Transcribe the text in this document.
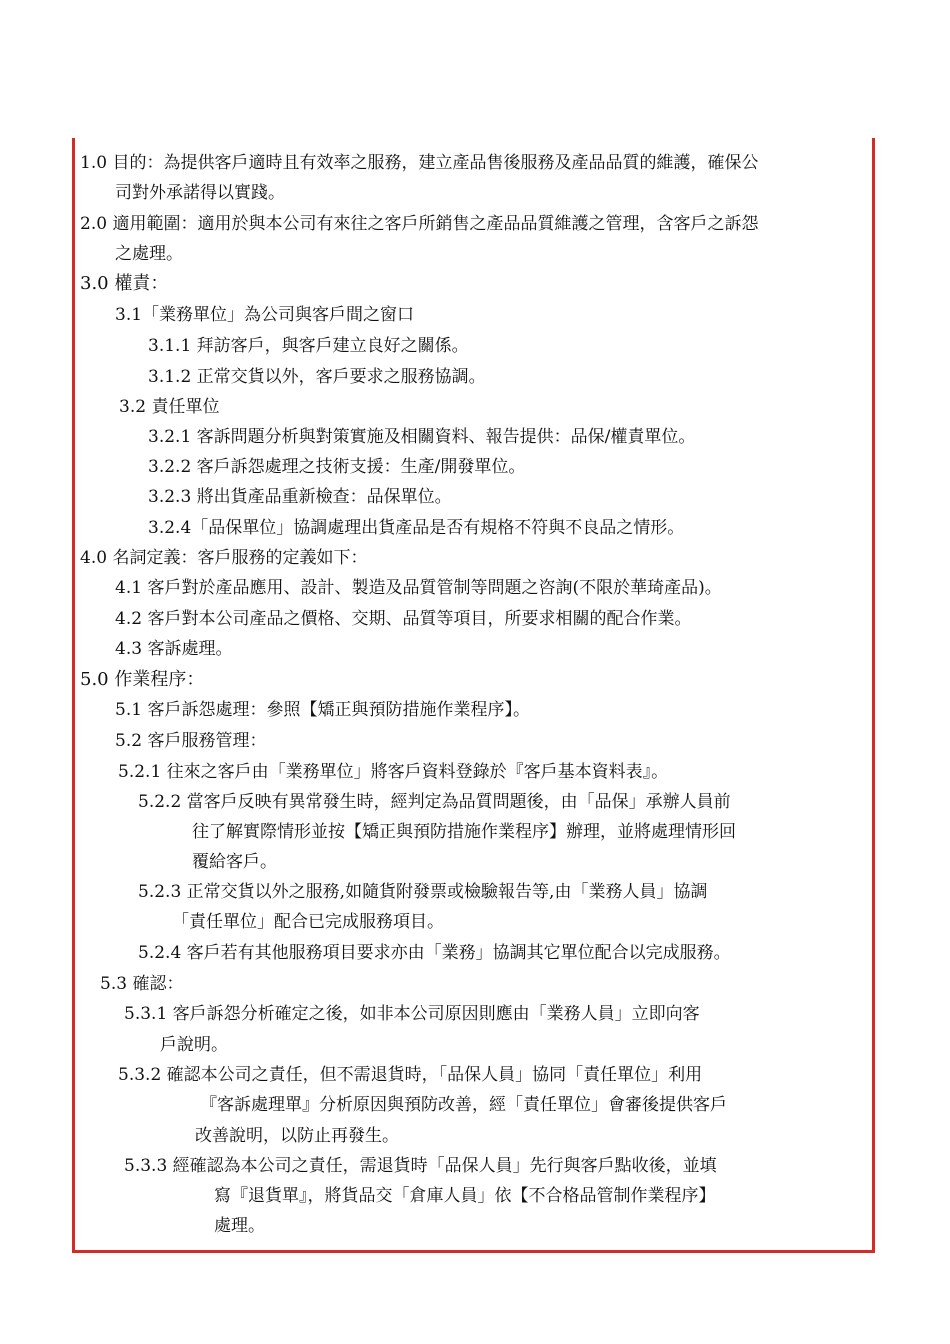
1.0 目的：為提供客戶適時且有效率之服務，建立產品售後服務及產品品質的維護，確保公
司對外承諾得以實踐。
2.0 適用範圍：適用於與本公司有來往之客戶所銷售之產品品質維護之管理，含客戶之訴怨
之處理。
3.0 權責：
3.1「業務單位」為公司與客戶間之窗口
3.1.1 拜訪客戶，與客戶建立良好之關係。
3.1.2 正常交貨以外，客戶要求之服務協調。
3.2 責任單位
3.2.1 客訴問題分析與對策實施及相關資料、報告提供：品保/權責單位。
3.2.2 客戶訴怨處理之技術支援：生產/開發單位。
3.2.3 將出貨產品重新檢查：品保單位。
3.2.4「品保單位」協調處理出貨產品是否有規格不符與不良品之情形。
4.0 名詞定義：客戶服務的定義如下：
4.1 客戶對於產品應用、設計、製造及品質管制等問題之咨詢(不限於華琦產品)。
4.2 客戶對本公司產品之價格、交期、品質等項目，所要求相關的配合作業。
4.3 客訴處理。
5.0 作業程序：
5.1 客戶訴怨處理：參照【矯正與預防措施作業程序】。
5.2 客戶服務管理：
5.2.1 往來之客戶由「業務單位」將客戶資料登錄於『客戶基本資料表』。
5.2.2 當客戶反映有異常發生時，經判定為品質問題後，由「品保」承辦人員前
往了解實際情形並按【矯正與預防措施作業程序】辦理，並將處理情形回
覆給客戶。
5.2.3 正常交貨以外之服務,如隨貨附發票或檢驗報告等,由「業務人員」協調
「責任單位」配合已完成服務項目。
5.2.4 客戶若有其他服務項目要求亦由「業務」協調其它單位配合以完成服務。
5.3 確認：
5.3.1 客戶訴怨分析確定之後，如非本公司原因則應由「業務人員」立即向客
戶說明。
5.3.2 確認本公司之責任，但不需退貨時，「品保人員」協同「責任單位」利用
『客訴處理單』分析原因與預防改善，經「責任單位」會審後提供客戶
改善說明，以防止再發生。
5.3.3 經確認為本公司之責任，需退貨時「品保人員」先行與客戶點收後，並填
寫『退貨單』，將貨品交「倉庫人員」依【不合格品管制作業程序】
處理。
